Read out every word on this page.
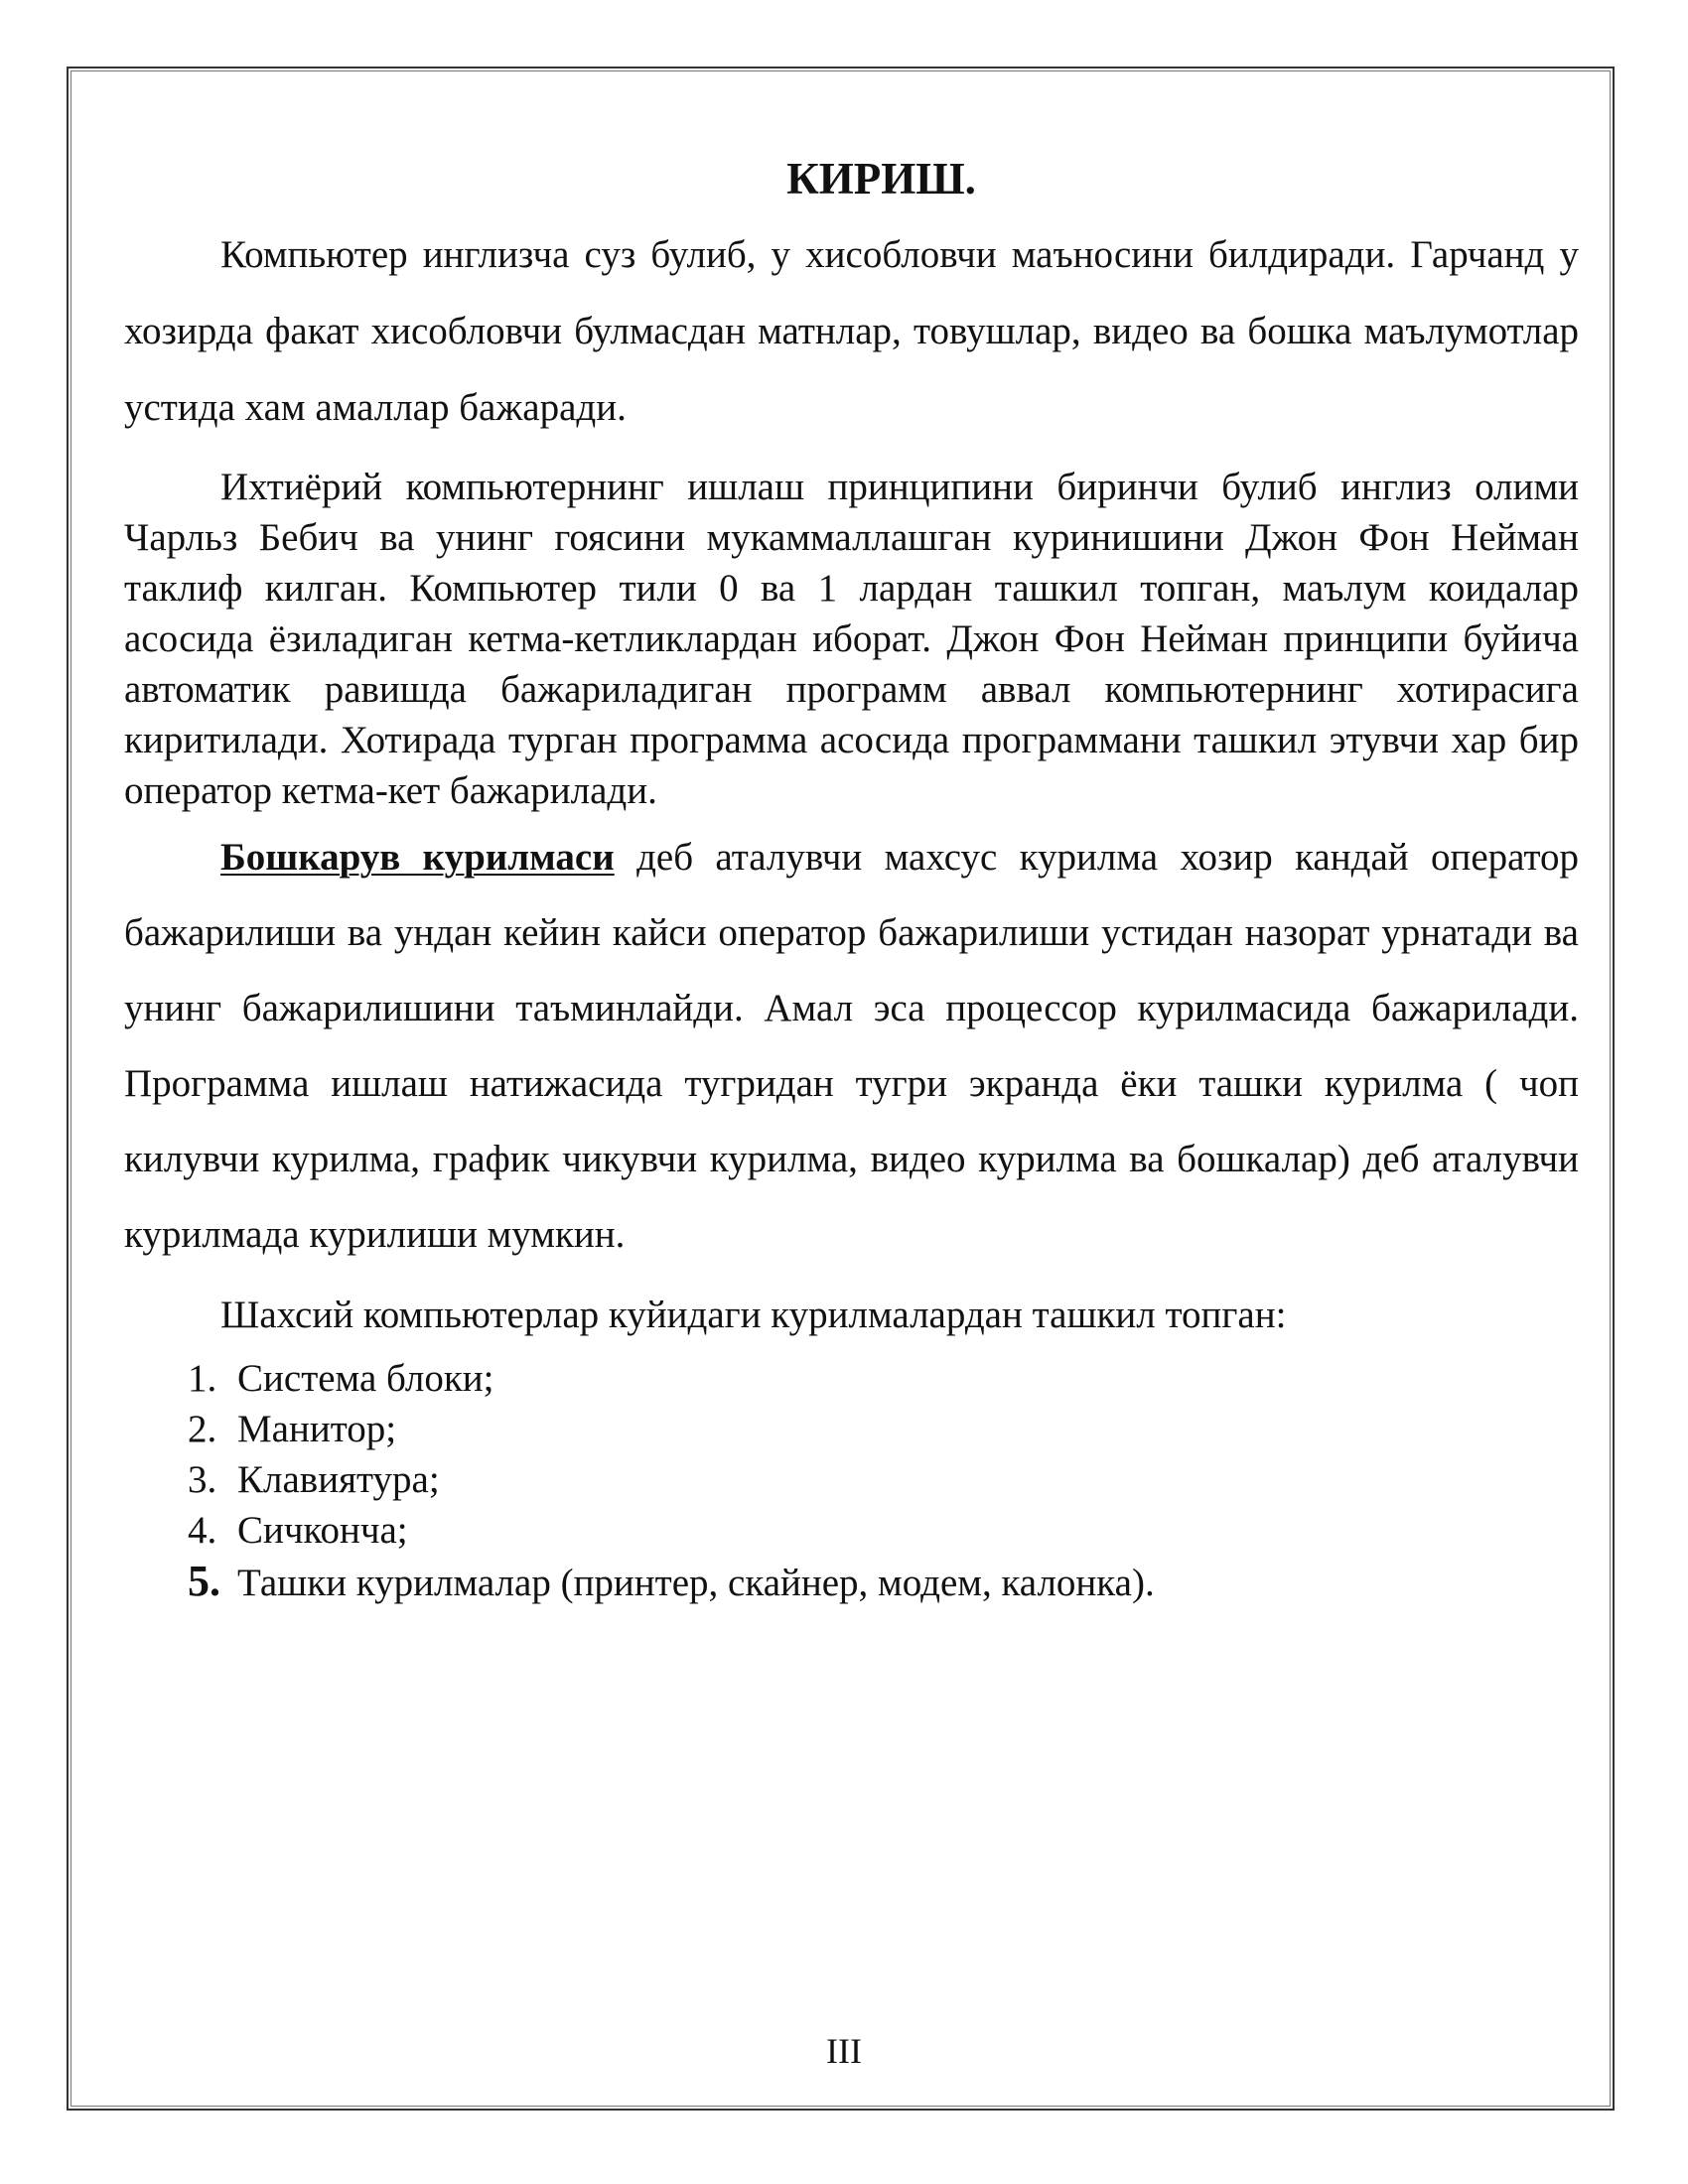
КИРИШ.

Компьютер инглизча суз булиб, у хисобловчи маъносини билдиради. Гарчанд у хозирда факат хисобловчи булмасдан матнлар, товушлар, видео ва бошка маълумотлар устида хам амаллар бажаради.

Ихтиёрий компьютернинг ишлаш принципини биринчи булиб инглиз олими Чарльз Бебич ва унинг гоясини мукаммаллашган куринишини Джон Фон Нейман таклиф килган. Компьютер тили 0 ва 1 лардан ташкил топган, маълум коидалар асосида ёзиладиган кетма-кетликлардан иборат. Джон Фон Нейман принципи буйича автоматик равишда бажариладиган программ аввал компьютернинг хотирасига киритилади. Хотирада турган программа асосида программани ташкил этувчи хар бир оператор кетма-кет бажарилади.

Бошкарув курилмаси деб аталувчи махсус курилма хозир кандай оператор бажарилиши ва ундан кейин кайси оператор бажарилиши устидан назорат урнатади ва унинг бажарилишини таъминлайди. Амал эса процессор курилмасида бажарилади. Программа ишлаш натижасида тугридан тугри экранда ёки ташки курилма ( чоп килувчи курилма, график чикувчи курилма, видео курилма ва бошкалар) деб аталувчи курилмада курилиши мумкин.

Шахсий компьютерлар куйидаги курилмалардан ташкил топган:

1. Система блоки;
2. Манитор;
3. Клавиятура;
4. Сичконча;
5. Ташки курилмалар (принтер, скайнер, модем, калонка).
III
